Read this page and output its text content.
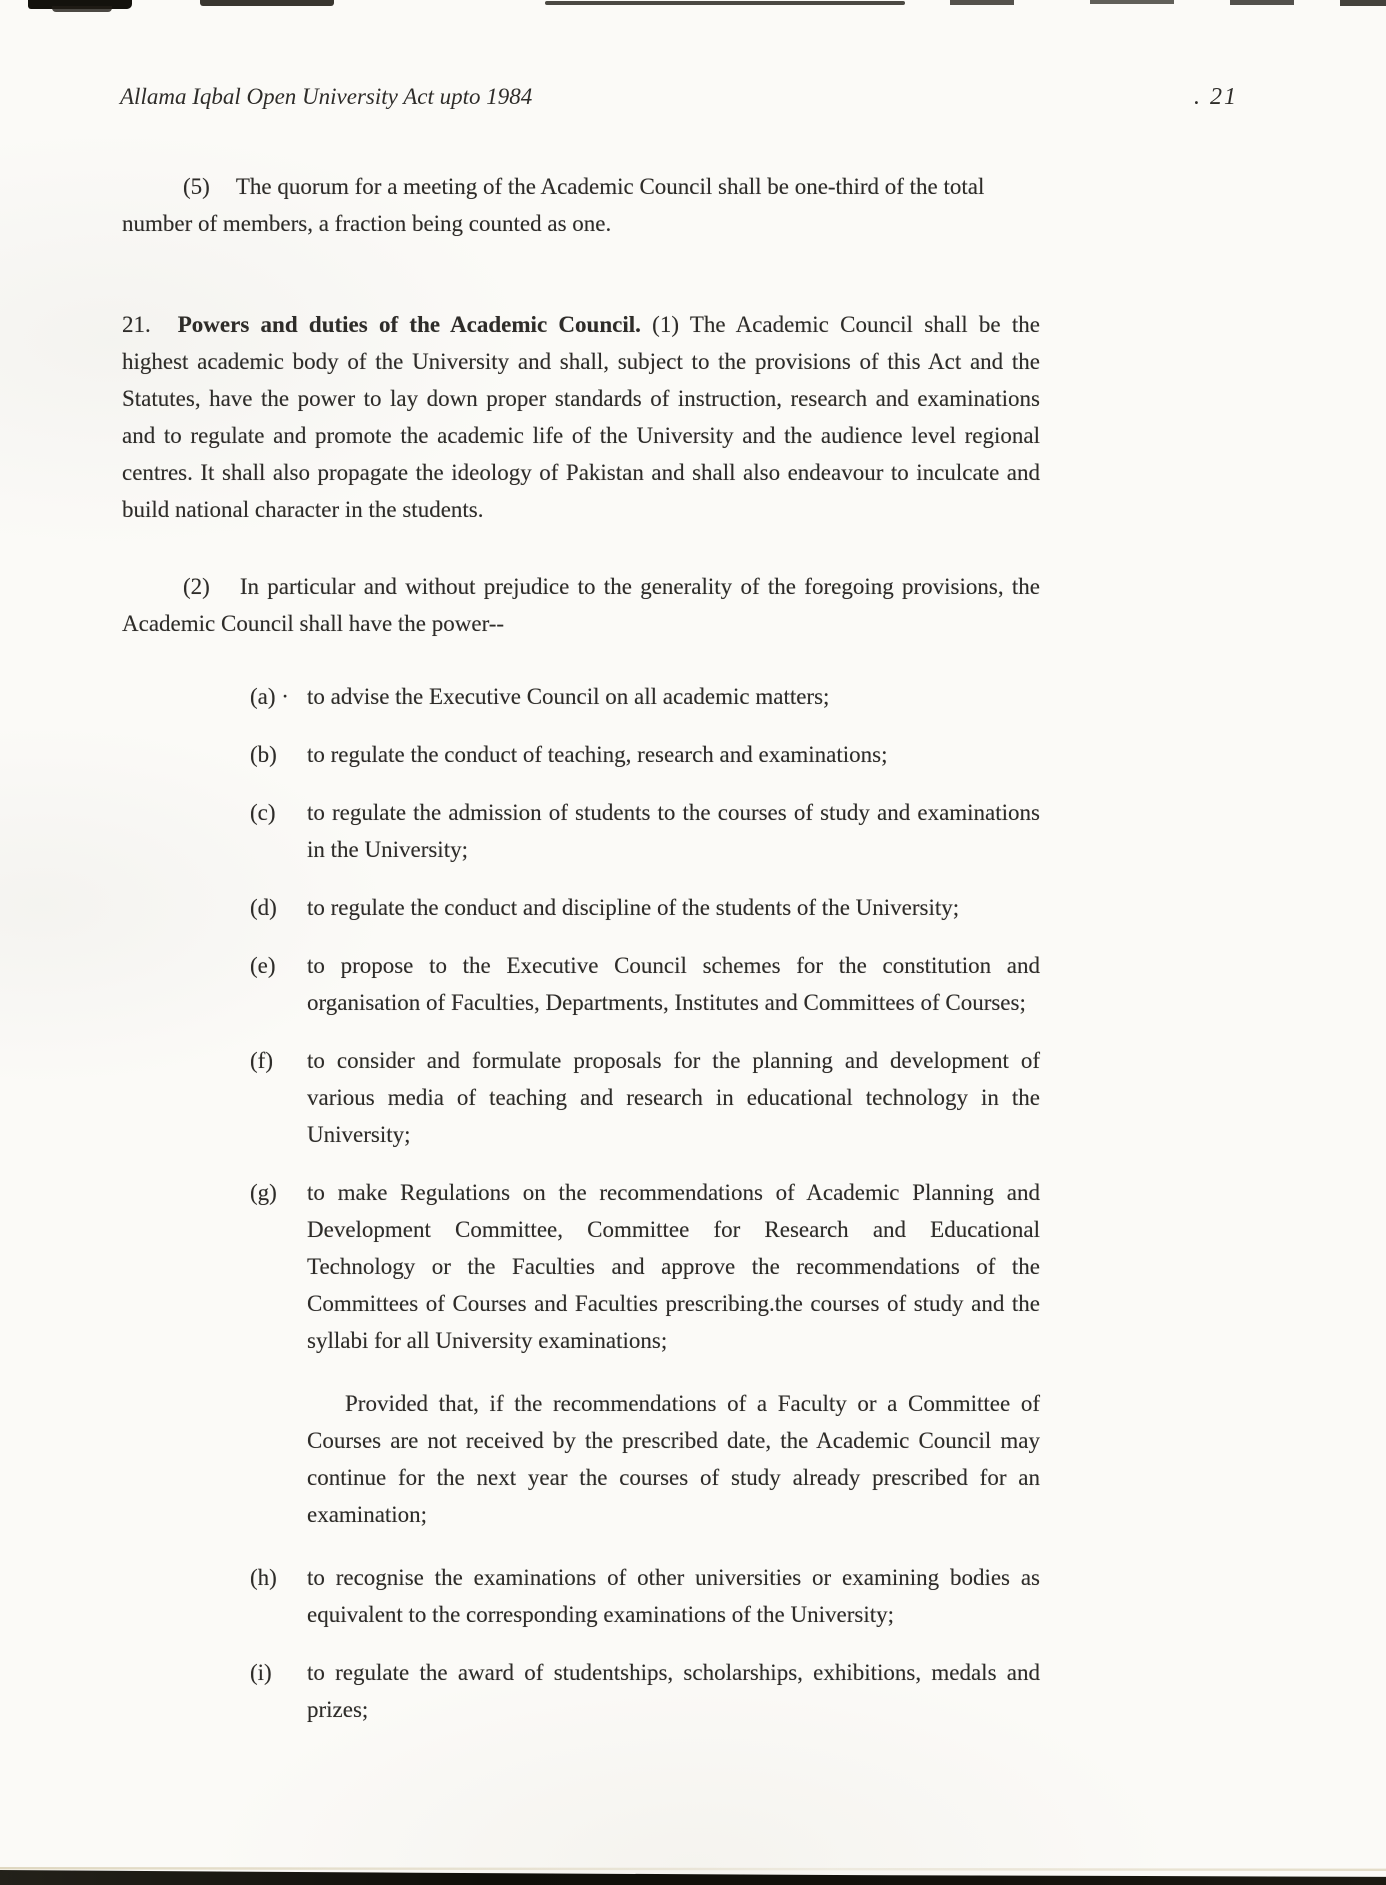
Allama Iqbal Open University Act upto 1984	. 21

(5) The quorum for a meeting of the Academic Council shall be one-third of the total number of members, a fraction being counted as one.

21. Powers and duties of the Academic Council. (1) The Academic Council shall be the highest academic body of the University and shall, subject to the provisions of this Act and the Statutes, have the power to lay down proper standards of instruction, research and examinations and to regulate and promote the academic life of the University and the audience level regional centres. It shall also propagate the ideology of Pakistan and shall also endeavour to inculcate and build national character in the students.

(2) In particular and without prejudice to the generality of the foregoing provisions, the Academic Council shall have the power--

(a) · to advise the Executive Council on all academic matters;
(b)	to regulate the conduct of teaching, research and examinations;
(c)	to regulate the admission of students to the courses of study and examinations in the University;
(d)	to regulate the conduct and discipline of the students of the University;
(e)	to propose to the Executive Council schemes for the constitution and organisation of Faculties, Departments, Institutes and Committees of Courses;
(f)	to consider and formulate proposals for the planning and development of various media of teaching and research in educational technology in the University;
(g)	to make Regulations on the recommendations of Academic Planning and Development Committee, Committee for Research and Educational Technology or the Faculties and approve the recommendations of the Committees of Courses and Faculties prescribing.the courses of study and the syllabi for all University examinations;

Provided that, if the recommendations of a Faculty or a Committee of Courses are not received by the prescribed date, the Academic Council may continue for the next year the courses of study already prescribed for an examination;

(h)	to recognise the examinations of other universities or examining bodies as equivalent to the corresponding examinations of the University;
(i)	to regulate the award of studentships, scholarships, exhibitions, medals and prizes;
